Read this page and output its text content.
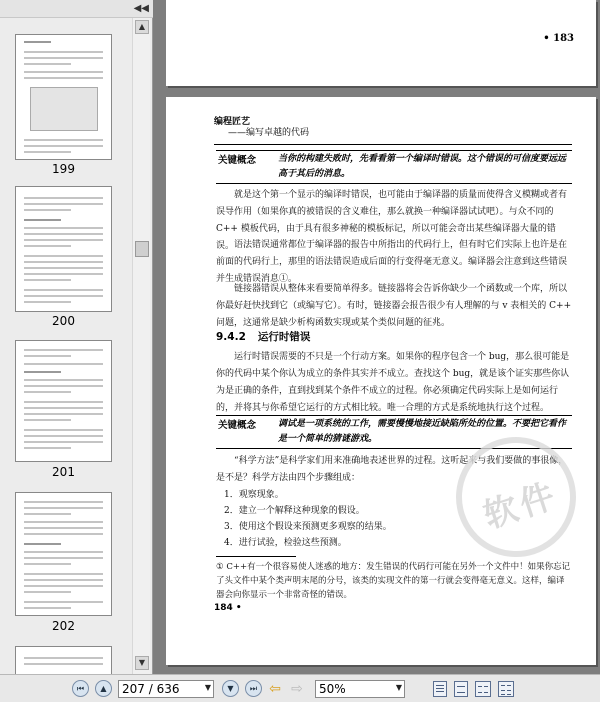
◀◀
199
200
201
202
▲
▼
• 183
编程匠艺
——编写卓越的代码
关键概念 当你的构建失败时，先看看第一个编译时错误。这个错误的可信度要远远高于其后的消息。
就是这个第一个显示的编译时错误，也可能由于编译器的质量而使得含义模糊或者有误导作用（如果你真的被错误的含义难住，那么就换一种编译器试试吧）。与众不同的 C++ 模板代码，由于具有很多神秘的模板标记，所以可能会奇出某些编译器大量的错误。 语法错误通常都位于编译器的报告中所指出的代码行上，但有时它们实际上也许是在前面的代码行上，那里的语法错误造成后面的行变得毫无意义。编译器会注意到这些错误并生成错误消息①。
链接器错误从整体来看要简单得多。链接器将会告诉你缺少一个函数或一个库，所以你最好赶快找到它（或编写它）。有时，链接器会报告很少有人理解的与 v 表相关的 C++ 问题，这通常是缺少析构函数实现或某个类似问题的征兆。
9.4.2 运行时错误
运行时错误需要的不只是一个行动方案。如果你的程序包含一个 bug，那么很可能是你的代码中某个你认为成立的条件其实并不成立。查找这个 bug，就是该个证实那些你认为是正确的条件，直到找到某个条件不成立的过程。你必须确定代码实际上是如何运行的，并将其与你希望它运行的方式相比较。唯一合理的方式是系统地执行这个过程。
关键概念 调试是一项系统的工作，需要慢慢地接近缺陷所处的位置。不要把它看作是一个简单的猜谜游戏。
“科学方法”是科学家们用来准确地表述世界的过程。这听起来与我们要做的事很像，是不是？科学方法由四个步骤组成：
1．观察现象。
2．建立一个解释这种现象的假设。
3．使用这个假设来预测更多观察的结果。
4．进行试验，检验这些预测。
软件
① C++有一个很容易使人迷惑的地方：发生错误的代码行可能在另外一个文件中！如果你忘记了头文件中某个类声明末尾的分号，该类的实现文件的第一行就会变得毫无意义。这样，编译器会向你显示一个非常奇怪的错误。
184 •
⏮	▲	207 / 636	▼	▼	⏭ ⇦ ⇨	50%	▼
